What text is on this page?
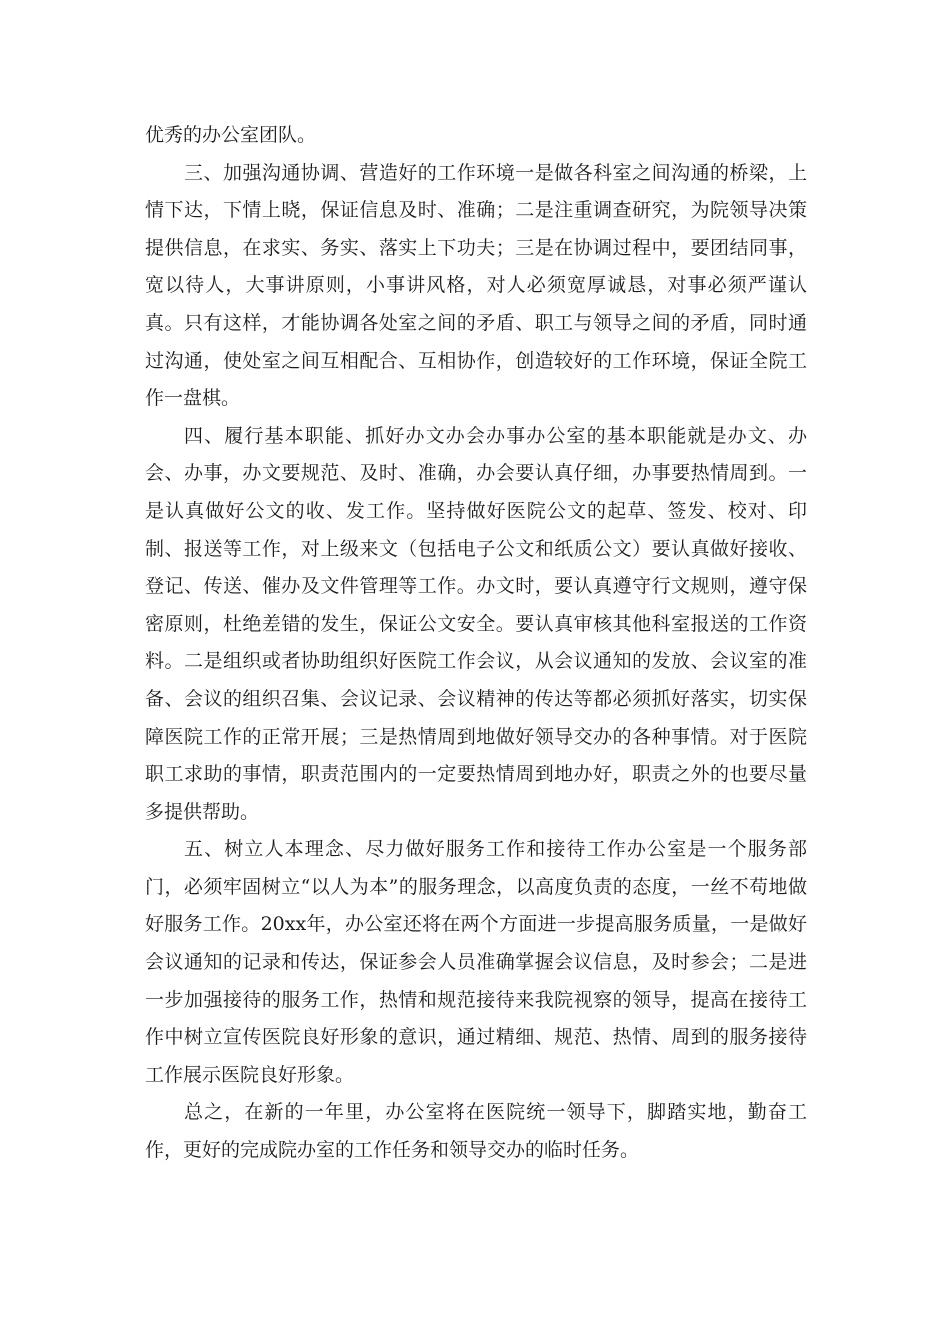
优秀的办公室团队。

三、加强沟通协调、营造好的工作环境一是做各科室之间沟通的桥梁，上情下达，下情上晓，保证信息及时、准确；二是注重调查研究，为院领导决策提供信息，在求实、务实、落实上下功夫；三是在协调过程中，要团结同事，宽以待人，大事讲原则，小事讲风格，对人必须宽厚诚恳，对事必须严谨认真。只有这样，才能协调各处室之间的矛盾、职工与领导之间的矛盾，同时通过沟通，使处室之间互相配合、互相协作，创造较好的工作环境，保证全院工作一盘棋。

四、履行基本职能、抓好办文办会办事办公室的基本职能就是办文、办会、办事，办文要规范、及时、准确，办会要认真仔细，办事要热情周到。一是认真做好公文的收、发工作。坚持做好医院公文的起草、签发、校对、印制、报送等工作，对上级来文（包括电子公文和纸质公文）要认真做好接收、登记、传送、催办及文件管理等工作。办文时，要认真遵守行文规则，遵守保密原则，杜绝差错的发生，保证公文安全。要认真审核其他科室报送的工作资料。二是组织或者协助组织好医院工作会议，从会议通知的发放、会议室的准备、会议的组织召集、会议记录、会议精神的传达等都必须抓好落实，切实保障医院工作的正常开展；三是热情周到地做好领导交办的各种事情。对于医院职工求助的事情，职责范围内的一定要热情周到地办好，职责之外的也要尽量多提供帮助。

五、树立人本理念、尽力做好服务工作和接待工作办公室是一个服务部门，必须牢固树立“以人为本”的服务理念，以高度负责的态度，一丝不苟地做好服务工作。20xx年，办公室还将在两个方面进一步提高服务质量，一是做好会议通知的记录和传达，保证参会人员准确掌握会议信息，及时参会；二是进一步加强接待的服务工作，热情和规范接待来我院视察的领导，提高在接待工作中树立宣传医院良好形象的意识，通过精细、规范、热情、周到的服务接待工作展示医院良好形象。

总之，在新的一年里，办公室将在医院统一领导下，脚踏实地，勤奋工作，更好的完成院办室的工作任务和领导交办的临时任务。
